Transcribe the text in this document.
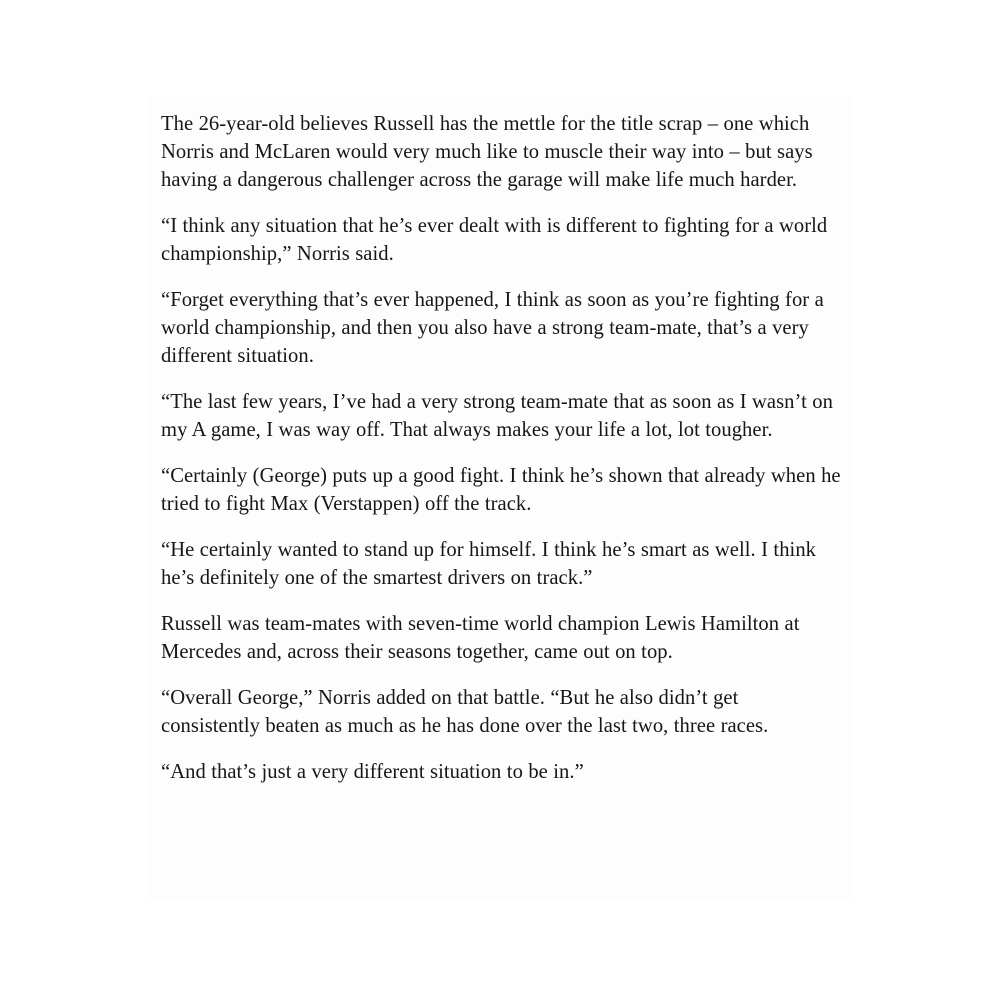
The 26-year-old believes Russell has the mettle for the title scrap – one which Norris and McLaren would very much like to muscle their way into – but says having a dangerous challenger across the garage will make life much harder.

“I think any situation that he’s ever dealt with is different to fighting for a world championship,” Norris said.

“Forget everything that’s ever happened, I think as soon as you’re fighting for a world championship, and then you also have a strong team-mate, that’s a very different situation.

“The last few years, I’ve had a very strong team-mate that as soon as I wasn’t on my A game, I was way off. That always makes your life a lot, lot tougher.

“Certainly (George) puts up a good fight. I think he’s shown that already when he tried to fight Max (Verstappen) off the track.

“He certainly wanted to stand up for himself. I think he’s smart as well. I think he’s definitely one of the smartest drivers on track.”

Russell was team-mates with seven-time world champion Lewis Hamilton at Mercedes and, across their seasons together, came out on top.

“Overall George,” Norris added on that battle. “But he also didn’t get consistently beaten as much as he has done over the last two, three races.

“And that’s just a very different situation to be in.”
